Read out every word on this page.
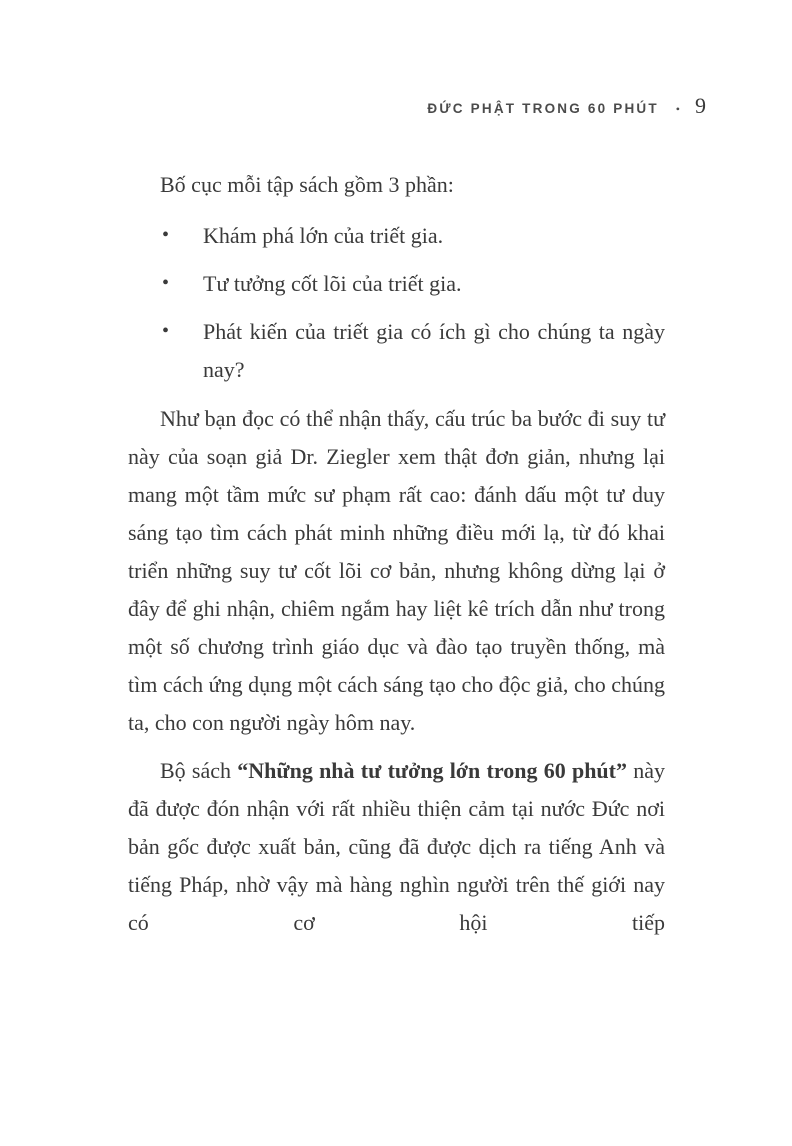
ĐỨC PHẬT TRONG 60 PHÚT • 9

Bố cục mỗi tập sách gồm 3 phần:

• Khám phá lớn của triết gia.
• Tư tưởng cốt lõi của triết gia.
• Phát kiến của triết gia có ích gì cho chúng ta ngày nay?

Như bạn đọc có thể nhận thấy, cấu trúc ba bước đi suy tư này của soạn giả Dr. Ziegler xem thật đơn giản, nhưng lại mang một tầm mức sư phạm rất cao: đánh dấu một tư duy sáng tạo tìm cách phát minh những điều mới lạ, từ đó khai triển những suy tư cốt lõi cơ bản, nhưng không dừng lại ở đây để ghi nhận, chiêm ngắm hay liệt kê trích dẫn như trong một số chương trình giáo dục và đào tạo truyền thống, mà tìm cách ứng dụng một cách sáng tạo cho độc giả, cho chúng ta, cho con người ngày hôm nay.

Bộ sách “Những nhà tư tưởng lớn trong 60 phút” này đã được đón nhận với rất nhiều thiện cảm tại nước Đức nơi bản gốc được xuất bản, cũng đã được dịch ra tiếng Anh và tiếng Pháp, nhờ vậy mà hàng nghìn người trên thế giới nay có cơ hội tiếp
